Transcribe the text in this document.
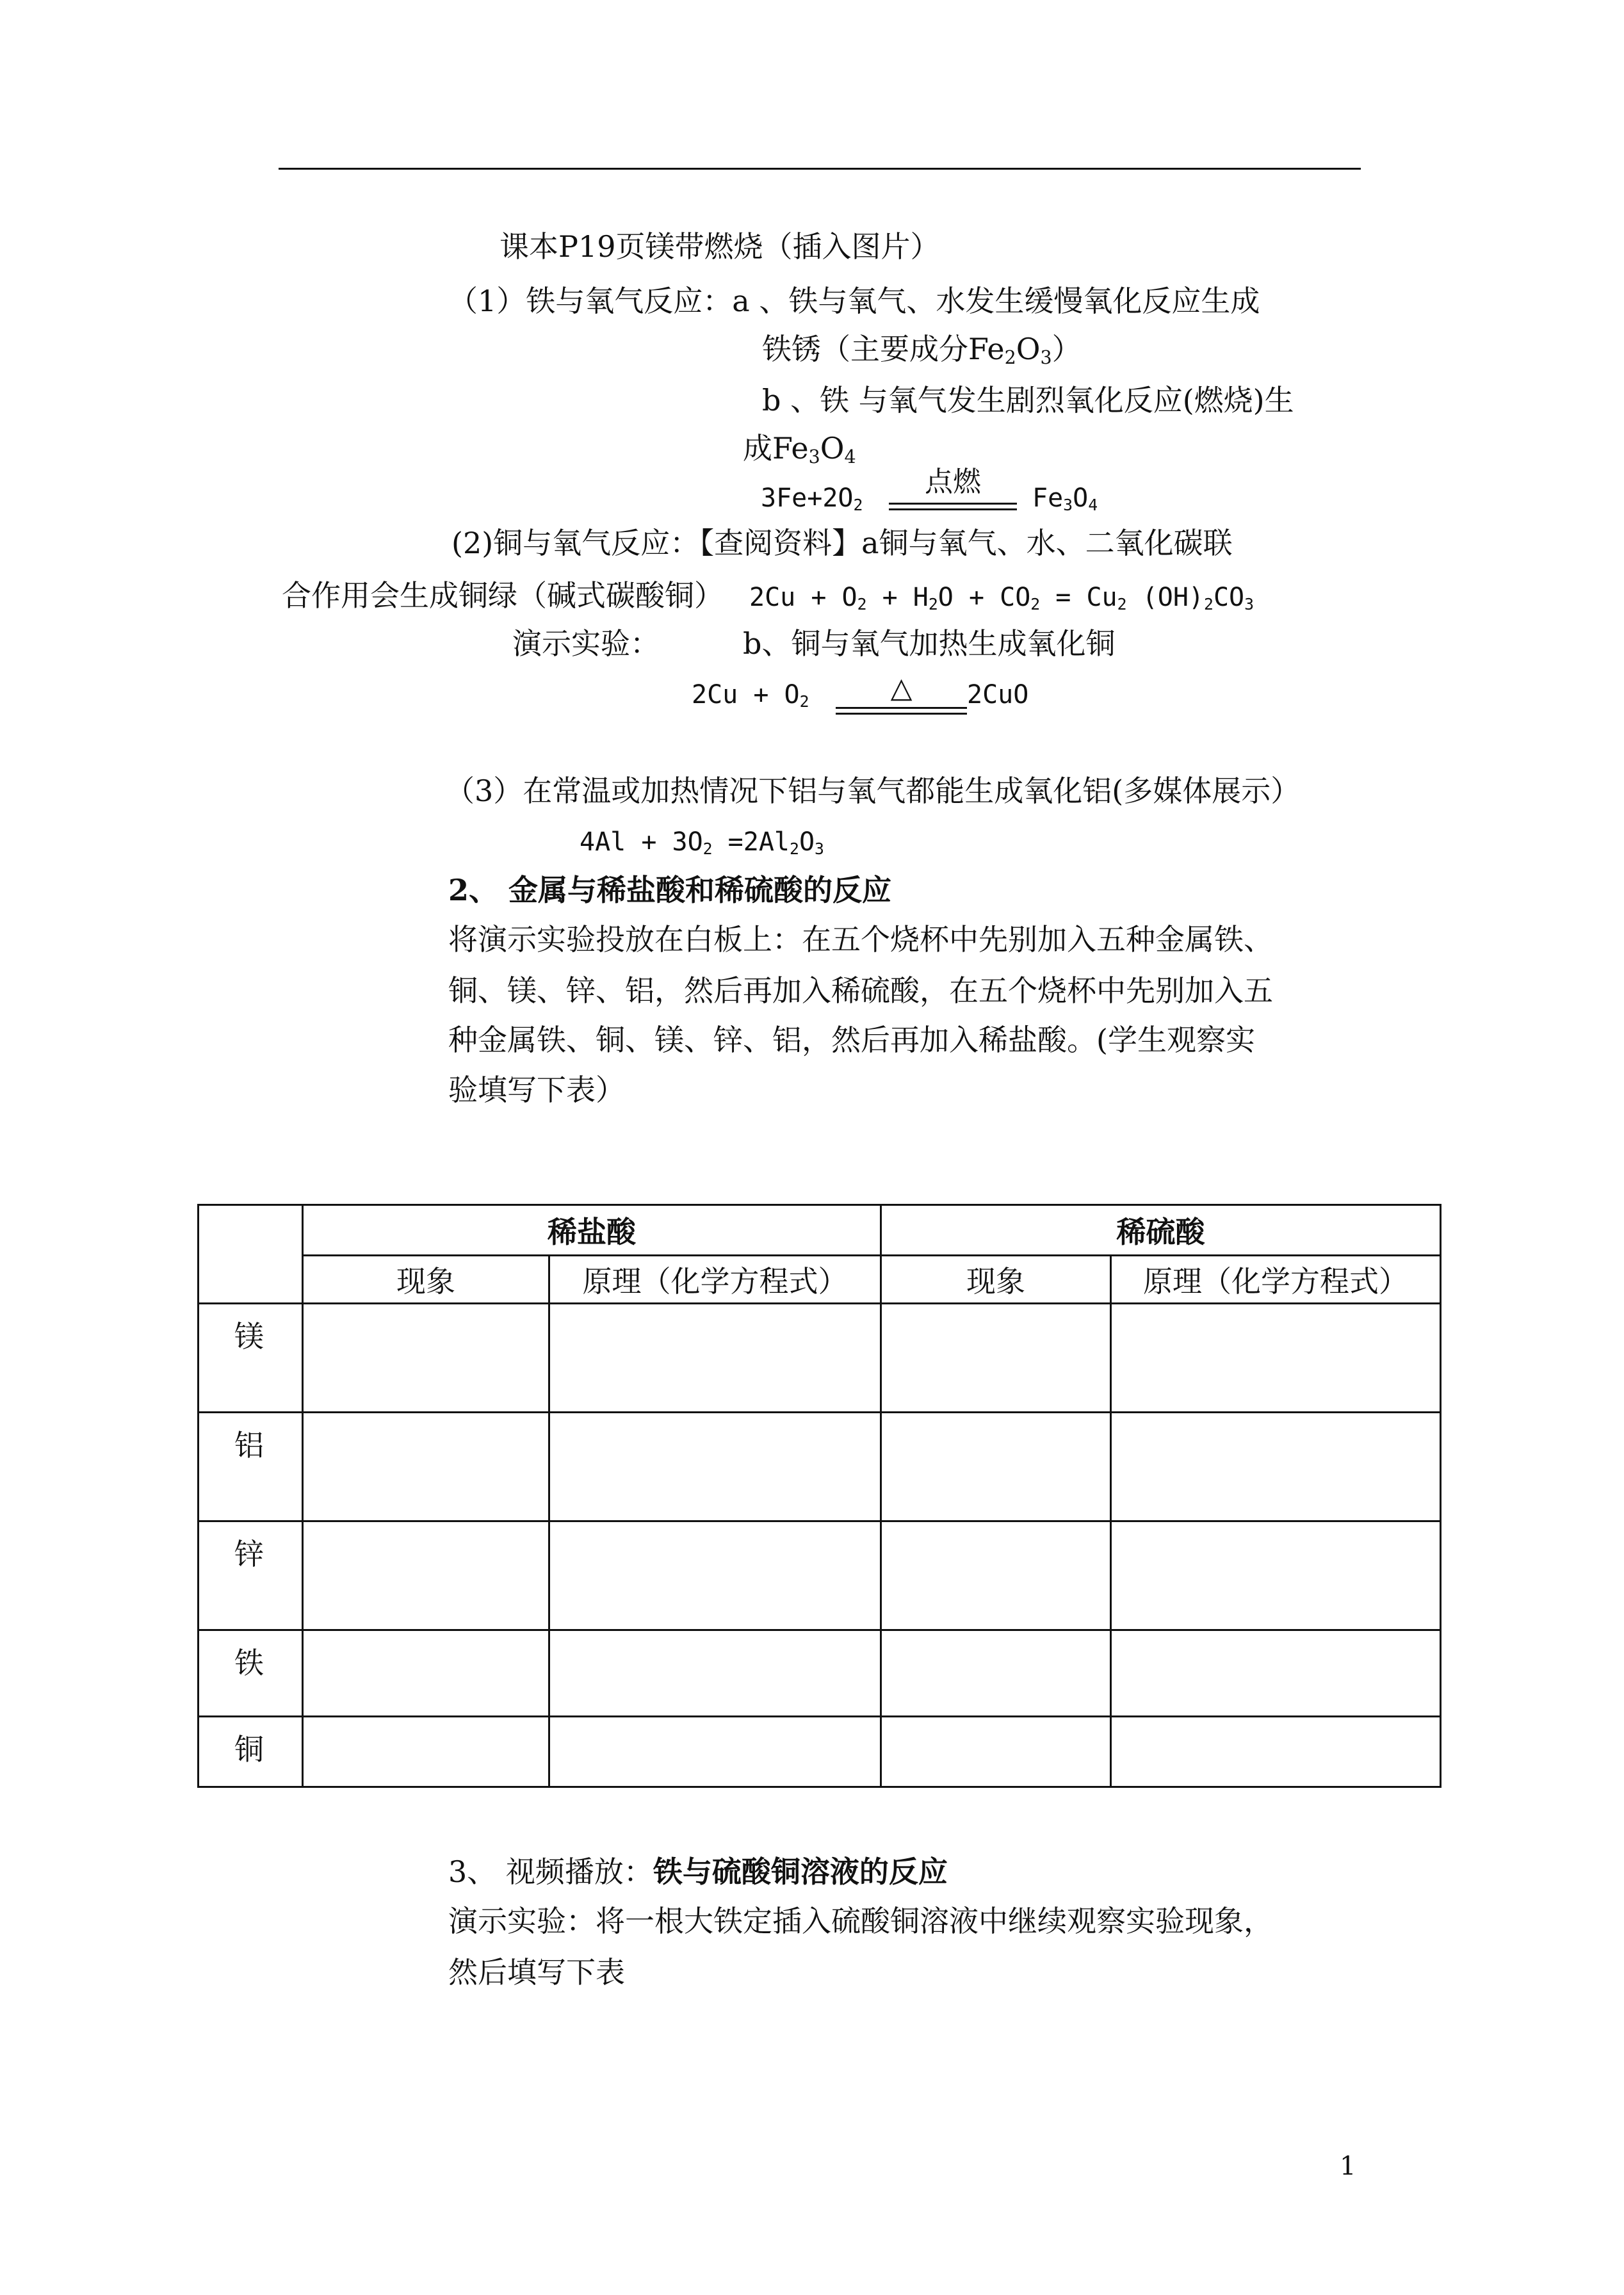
课本P19页镁带燃烧（插入图片）
（1）铁与氧气反应：a 、铁与氧气、水发生缓慢氧化反应生成
铁锈（主要成分$Fe_2O_3$）
b 、铁 与氧气发生剧烈氧化反应(燃烧)生
成$Fe_3O_4$
$3Fe+2O_2$
点燃	$Fe_3O_4$
(2)铜与氧气反应：【查阅资料】a铜与氧气、水、二氧化碳联
合作用会生成铜绿（碱式碳酸铜） $2Cu + O_2 + H_2O + CO_2 = Cu_2$ $(OH)_2CO_3$
演示实验：	b、铜与氧气加热生成氧化铜
$2Cu + O_2$	△	2CuO
（3）在常温或加热情况下铝与氧气都能生成氧化铝(多媒体展示）
$4Al + 3O_2 =2Al_2O_3$
2、 金属与稀盐酸和稀硫酸的反应
将演示实验投放在白板上：在五个烧杯中先别加入五种金属铁、
铜、镁、锌、铝，然后再加入稀硫酸，在五个烧杯中先别加入五
种金属铁、铜、镁、锌、铝，然后再加入稀盐酸。(学生观察实
验填写下表）
	稀盐酸		稀硫酸	
	现象	原理（化学方程式）	现象	原理（化学方程式）
镁				
铝				
锌				
铁				
铜				
3、 视频播放：铁与硫酸铜溶液的反应
演示实验：将一根大铁定插入硫酸铜溶液中继续观察实验现象，
然后填写下表
1
